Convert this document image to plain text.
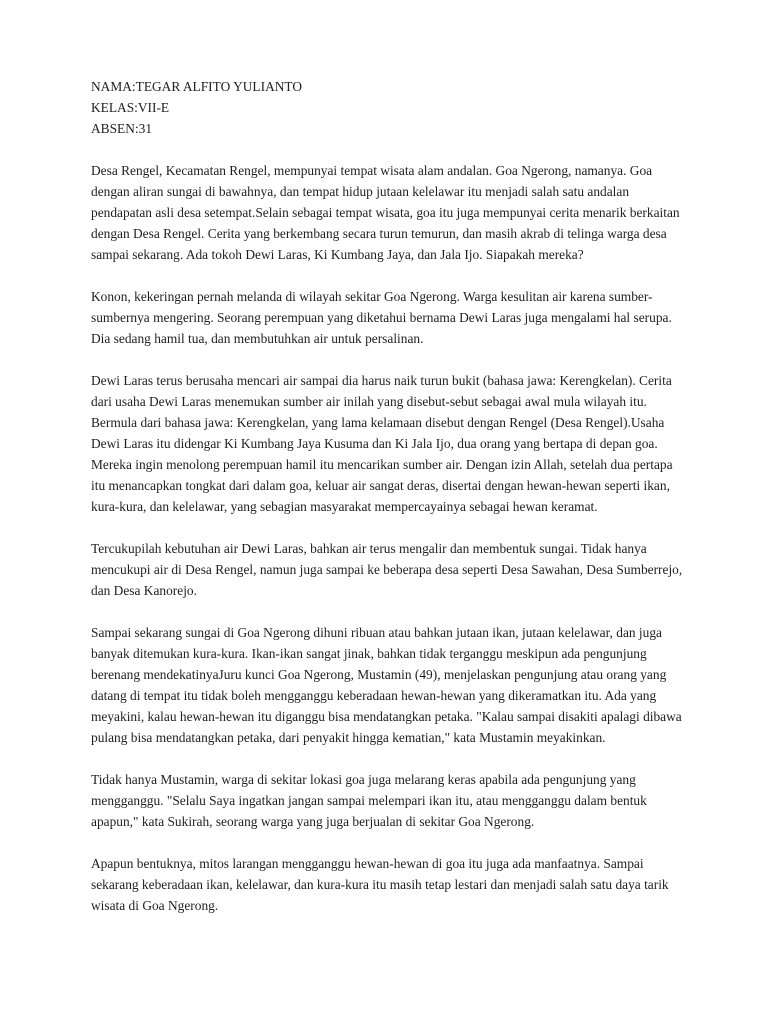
NAMA:TEGAR ALFITO YULIANTO
KELAS:VII-E
ABSEN:31

Desa Rengel, Kecamatan Rengel, mempunyai tempat wisata alam andalan. Goa Ngerong, namanya. Goa dengan aliran sungai di bawahnya, dan tempat hidup jutaan kelelawar itu menjadi salah satu andalan pendapatan asli desa setempat.Selain sebagai tempat wisata, goa itu juga mempunyai cerita menarik berkaitan dengan Desa Rengel. Cerita yang berkembang secara turun temurun, dan masih akrab di telinga warga desa sampai sekarang. Ada tokoh Dewi Laras, Ki Kumbang Jaya, dan Jala Ijo. Siapakah mereka?

Konon, kekeringan pernah melanda di wilayah sekitar Goa Ngerong. Warga kesulitan air karena sumber-sumbernya mengering. Seorang perempuan yang diketahui bernama Dewi Laras juga mengalami hal serupa. Dia sedang hamil tua, dan membutuhkan air untuk persalinan.

Dewi Laras terus berusaha mencari air sampai dia harus naik turun bukit (bahasa jawa: Kerengkelan). Cerita dari usaha Dewi Laras menemukan sumber air inilah yang disebut-sebut sebagai awal mula wilayah itu. Bermula dari bahasa jawa: Kerengkelan, yang lama kelamaan disebut dengan Rengel (Desa Rengel).Usaha Dewi Laras itu didengar Ki Kumbang Jaya Kusuma dan Ki Jala Ijo, dua orang yang bertapa di depan goa. Mereka ingin menolong perempuan hamil itu mencarikan sumber air. Dengan izin Allah, setelah dua pertapa itu menancapkan tongkat dari dalam goa, keluar air sangat deras, disertai dengan hewan-hewan seperti ikan, kura-kura, dan kelelawar, yang sebagian masyarakat mempercayainya sebagai hewan keramat.

Tercukupilah kebutuhan air Dewi Laras, bahkan air terus mengalir dan membentuk sungai. Tidak hanya mencukupi air di Desa Rengel, namun juga sampai ke beberapa desa seperti Desa Sawahan, Desa Sumberrejo, dan Desa Kanorejo.

Sampai sekarang sungai di Goa Ngerong dihuni ribuan atau bahkan jutaan ikan, jutaan kelelawar, dan juga banyak ditemukan kura-kura. Ikan-ikan sangat jinak, bahkan tidak terganggu meskipun ada pengunjung berenang mendekatinyaJuru kunci Goa Ngerong, Mustamin (49), menjelaskan pengunjung atau orang yang datang di tempat itu tidak boleh mengganggu keberadaan hewan-hewan yang dikeramatkan itu. Ada yang meyakini, kalau hewan-hewan itu diganggu bisa mendatangkan petaka. "Kalau sampai disakiti apalagi dibawa pulang bisa mendatangkan petaka, dari penyakit hingga kematian," kata Mustamin meyakinkan.

Tidak hanya Mustamin, warga di sekitar lokasi goa juga melarang keras apabila ada pengunjung yang mengganggu. "Selalu Saya ingatkan jangan sampai melempari ikan itu, atau mengganggu dalam bentuk apapun," kata Sukirah, seorang warga yang juga berjualan di sekitar Goa Ngerong.

Apapun bentuknya, mitos larangan mengganggu hewan-hewan di goa itu juga ada manfaatnya. Sampai sekarang keberadaan ikan, kelelawar, dan kura-kura itu masih tetap lestari dan menjadi salah satu daya tarik wisata di Goa Ngerong.
